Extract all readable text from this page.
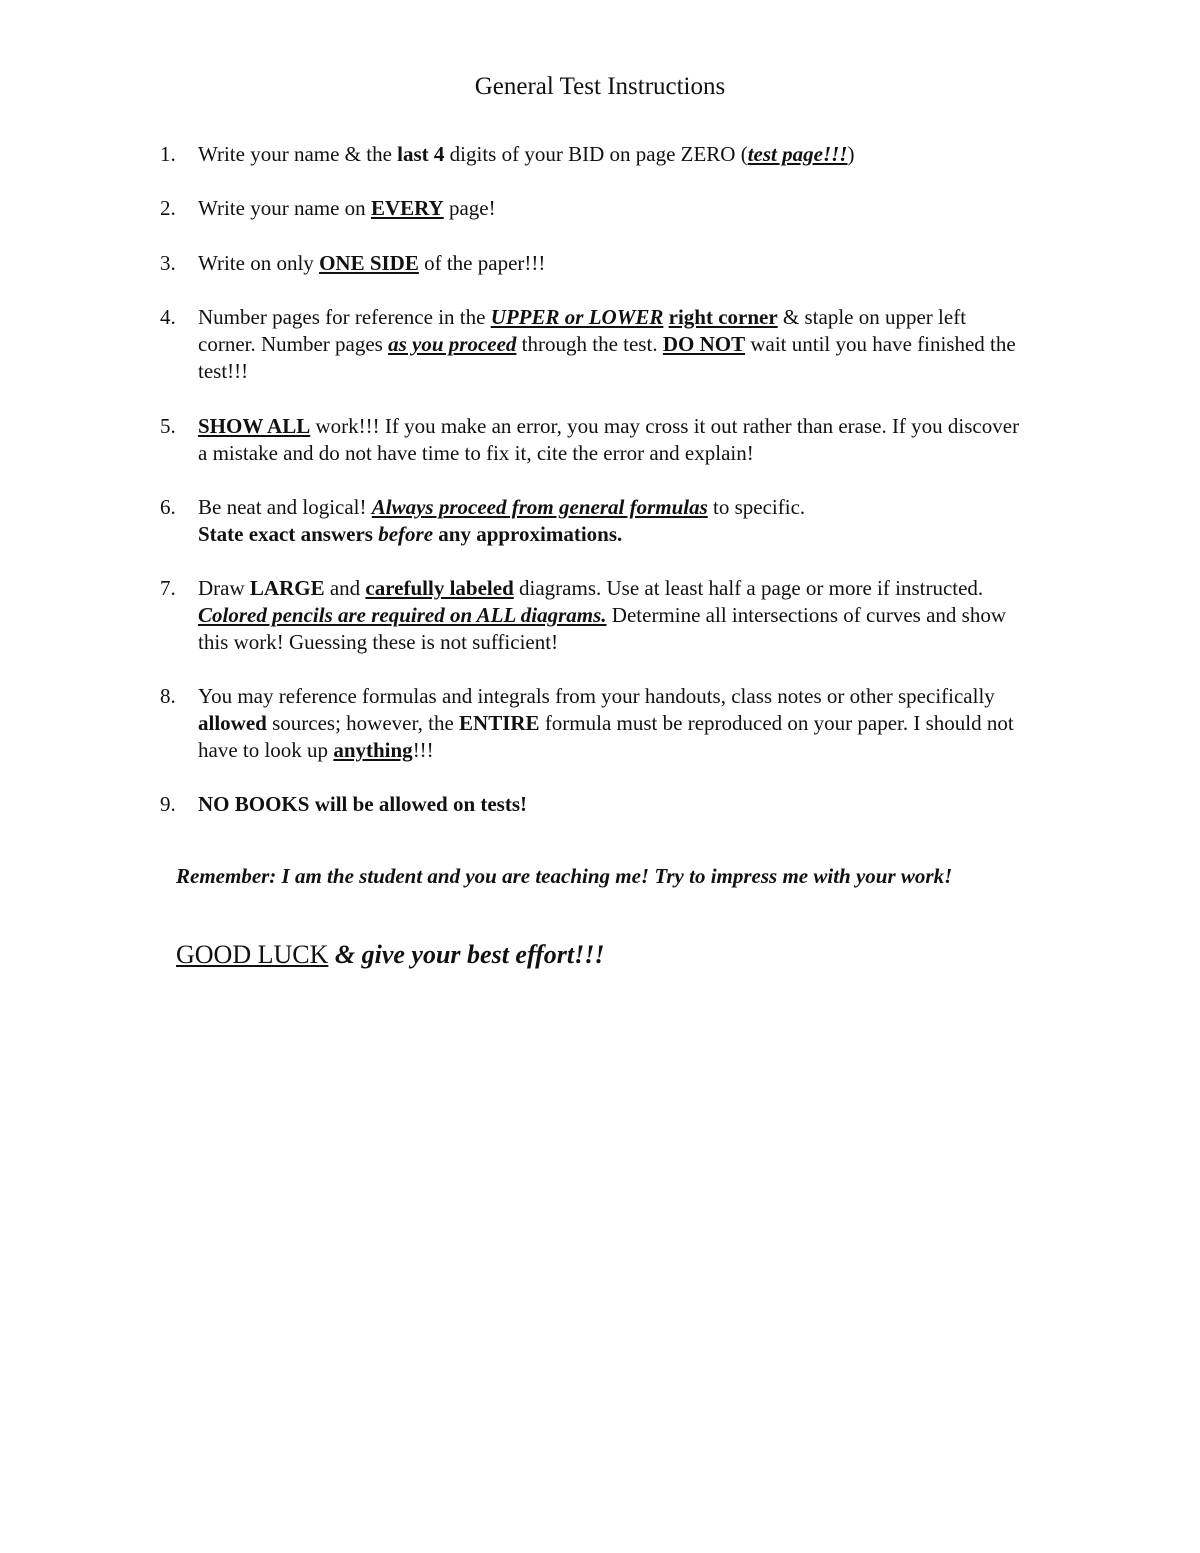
General Test Instructions
1.	Write your name & the last 4 digits of your BID on page ZERO (test page!!!)
2.	Write your name on EVERY page!
3.	Write on only ONE SIDE of the paper!!!
4.	Number pages for reference in the UPPER or LOWER right corner & staple on upper left corner. Number pages as you proceed through the test. DO NOT wait until you have finished the test!!!
5.	SHOW ALL work!!! If you make an error, you may cross it out rather than erase. If you discover a mistake and do not have time to fix it, cite the error and explain!
6.	Be neat and logical! Always proceed from general formulas to specific.
State exact answers before any approximations.
7.	Draw LARGE and carefully labeled diagrams. Use at least half a page or more if instructed. Colored pencils are required on ALL diagrams. Determine all intersections of curves and show this work! Guessing these is not sufficient!
8.	You may reference formulas and integrals from your handouts, class notes or other specifically allowed sources; however, the ENTIRE formula must be reproduced on your paper. I should not have to look up anything!!!
9.	NO BOOKS will be allowed on tests!
Remember: I am the student and you are teaching me! Try to impress me with your work!
GOOD LUCK & give your best effort!!!
